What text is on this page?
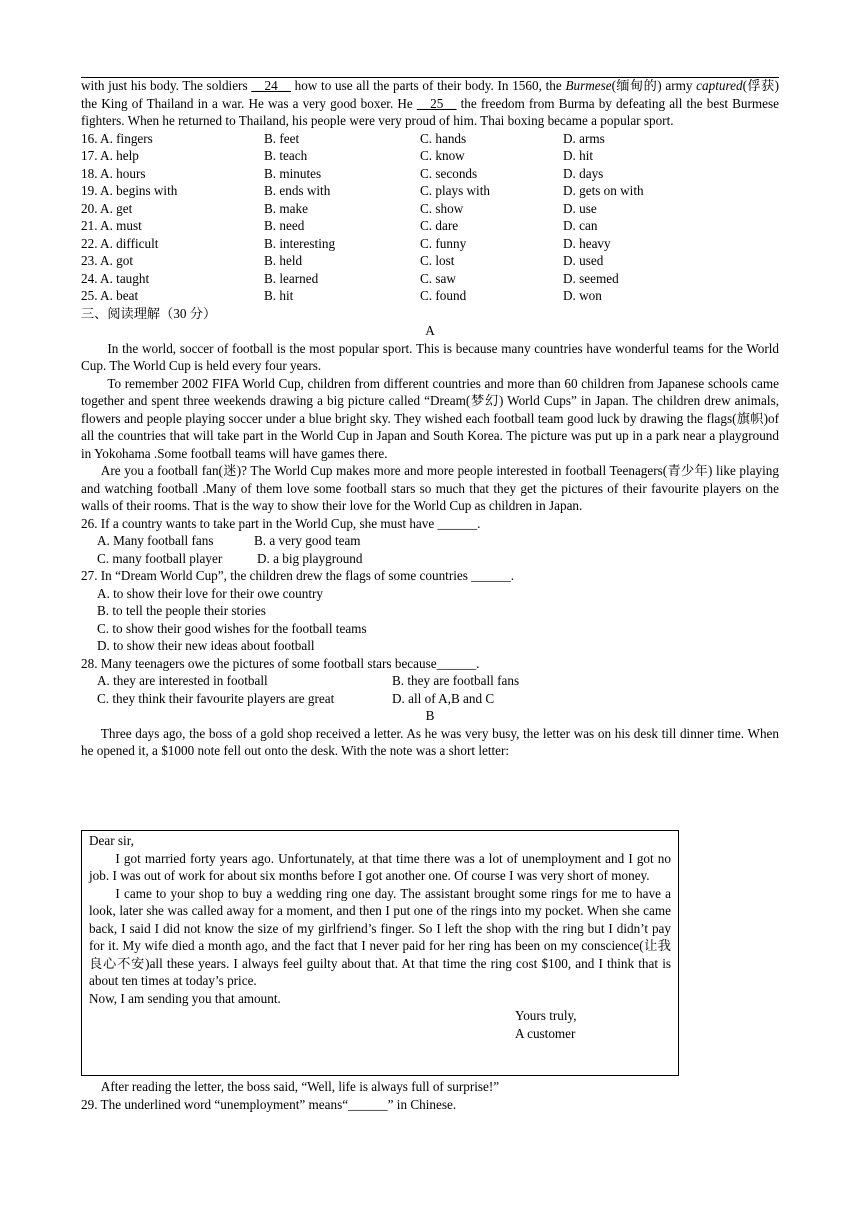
with just his body. The soldiers __24__ how to use all the parts of their body. In 1560, the Burmese(缅甸的) army captured(俘获) the King of Thailand in a war. He was a very good boxer. He __25__ the freedom from Burma by defeating all the best Burmese fighters. When he returned to Thailand, his people were very proud of him. Thai boxing became a popular sport.

16. A. fingers	B. feet	C. hands	D. arms
17. A. help	B. teach	C. know	D. hit
18. A. hours	B. minutes	C. seconds	D. days
19. A. begins with	B. ends with	C. plays with	D. gets on with
20. A. get	B. make	C. show	D. use
21. A. must	B. need	C. dare	D. can
22. A. difficult	B. interesting	C. funny	D. heavy
23. A. got	B. held	C. lost	D. used
24. A. taught	B. learned	C. saw	D. seemed
25. A. beat	B. hit	C. found	D. won
三、阅读理解（30 分）
A

In the world, soccer of football is the most popular sport. This is because many countries have wonderful teams for the World Cup. The World Cup is held every four years.

To remember 2002 FIFA World Cup, children from different countries and more than 60 children from Japanese schools came together and spent three weekends drawing a big picture called “Dream(梦幻) World Cups” in Japan. The children drew animals, flowers and people playing soccer under a blue bright sky. They wished each football team good luck by drawing the flags(旗帜)of all the countries that will take part in the World Cup in Japan and South Korea. The picture was put up in a park near a playground in Yokohama .Some football teams will have games there.

Are you a football fan(迷)? The World Cup makes more and more people interested in football Teenagers(青少年) like playing and watching football .Many of them love some football stars so much that they get the pictures of their favourite players on the walls of their rooms. That is the way to show their love for the World Cup as children in Japan.

26. If a country wants to take part in the World Cup, she must have ______.
A. Many football fans	B. a very good team
C. many football player	D. a big playground
27. In “Dream World Cup”, the children drew the flags of some countries ______.
A. to show their love for their owe country
B. to tell the people their stories
C. to show their good wishes for the football teams
D. to show their new ideas about football
28. Many teenagers owe the pictures of some football stars because______.
A. they are interested in football	B. they are football fans
C. they think their favourite players are great	D. all of A,B and C
B

Three days ago, the boss of a gold shop received a letter. As he was very busy, the letter was on his desk till dinner time. When he opened it, a $1000 note fell out onto the desk. With the note was a short letter:

Dear sir,

I got married forty years ago. Unfortunately, at that time there was a lot of unemployment and I got no job. I was out of work for about six months before I got another one. Of course I was very short of money.

I came to your shop to buy a wedding ring one day. The assistant brought some rings for me to have a look, later she was called away for a moment, and then I put one of the rings into my pocket. When she came back, I said I did not know the size of my girlfriend’s finger. So I left the shop with the ring but I didn’t pay for it. My wife died a month ago, and the fact that I never paid for her ring has been on my conscience(让我良心不安)all these years. I always feel guilty about that. At that time the ring cost $100, and I think that is about ten times at today’s price.

Now, I am sending you that amount.
Yours truly,
A customer

After reading the letter, the boss said, “Well, life is always full of surprise!”

29. The underlined word “unemployment” means“______” in Chinese.
